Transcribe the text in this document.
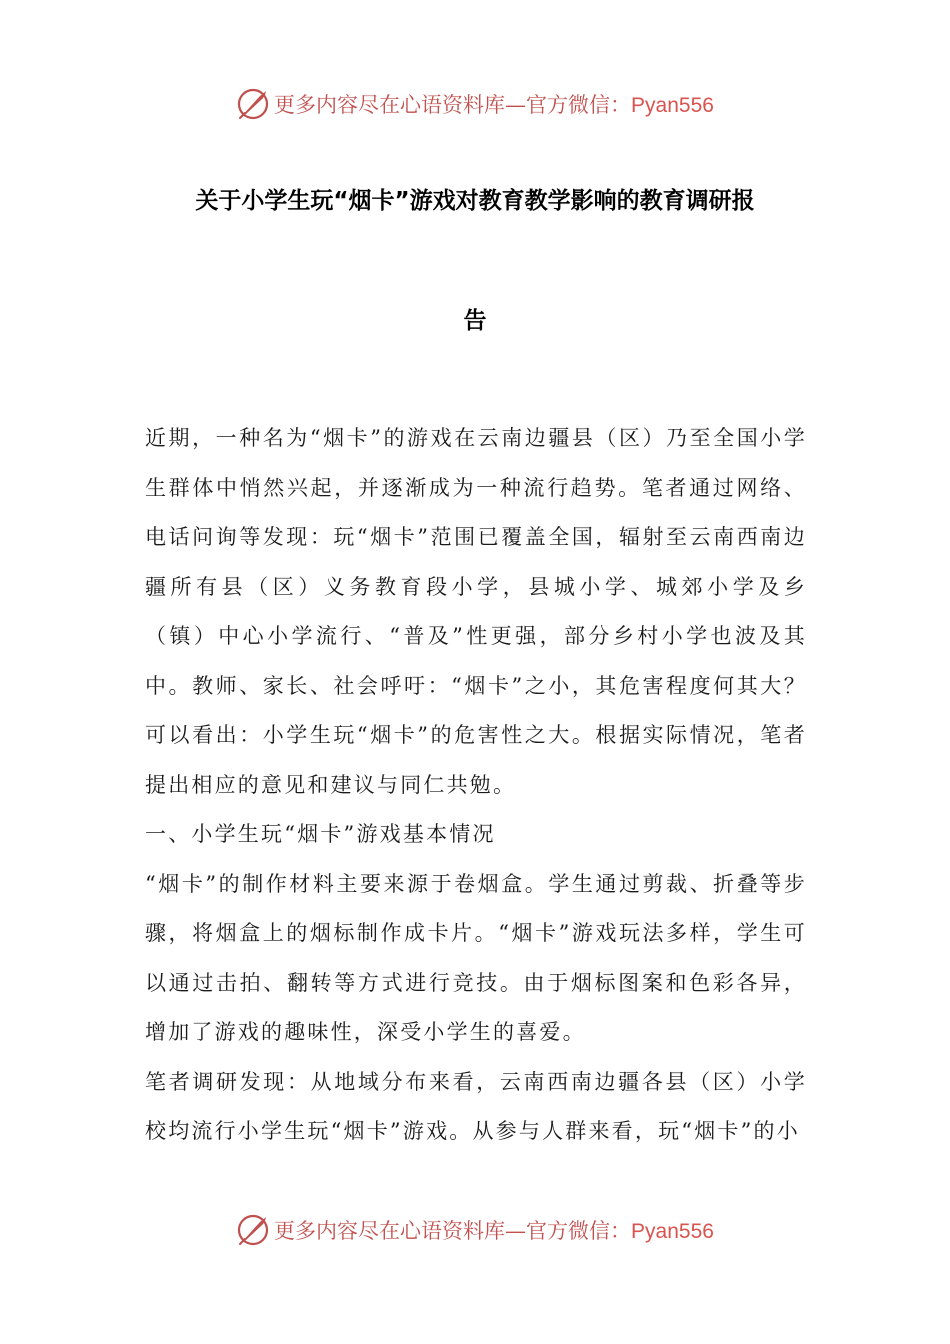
更多内容尽在心语资料库—官方微信：Pyan556
关于小学生玩“烟卡”游戏对教育教学影响的教育调研报
告

近期，一种名为“烟卡”的游戏在云南边疆县（区）乃至全国小学生群体中悄然兴起，并逐渐成为一种流行趋势。笔者通过网络、电话问询等发现：玩“烟卡”范围已覆盖全国，辐射至云南西南边疆所有县（区）义务教育段小学，县城小学、城郊小学及乡（镇）中心小学流行、“普及”性更强，部分乡村小学也波及其中。教师、家长、社会呼吁：“烟卡”之小，其危害程度何其大？可以看出：小学生玩“烟卡”的危害性之大。根据实际情况，笔者提出相应的意见和建议与同仁共勉。

一、小学生玩“烟卡”游戏基本情况

“烟卡”的制作材料主要来源于卷烟盒。学生通过剪裁、折叠等步骤，将烟盒上的烟标制作成卡片。“烟卡”游戏玩法多样，学生可以通过击拍、翻转等方式进行竞技。由于烟标图案和色彩各异，增加了游戏的趣味性，深受小学生的喜爱。

笔者调研发现：从地域分布来看，云南西南边疆各县（区）小学校均流行小学生玩“烟卡”游戏。从参与人群来看，玩“烟卡”的小

更多内容尽在心语资料库—官方微信：Pyan556
